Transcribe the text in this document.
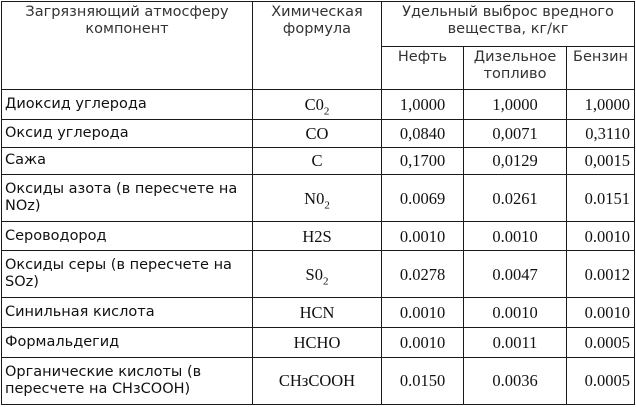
Загрязняющий атмосферу компонент	Химическая формула	Удельный выброс вредного вещества, кг/кг		
		Нефть	Дизельное топливо	Бензин
Диоксид углерода	$C0_2$	1,0000	1,0000	1,0000
Оксид углерода	CO	0,0840	0,0071	0,3110
Сажа	C	0,1700	0,0129	0,0015
Оксиды азота (в пересчете на NOz)	$N0_2$	0.0069	0.0261	0.0151
Сероводород	H2S	0.0010	0.0010	0.0010
Оксиды серы (в пересчете на SOz)	$S0_2$	0.0278	0.0047	0.0012
Синильная кислота	HCN	0.0010	0.0010	0.0010
Формальдегид	HCHO	0.0010	0.0011	0.0005
Органические кислоты (в пересчете на CHзCOOH)	CHзCOOH	0.0150	0.0036	0.0005
